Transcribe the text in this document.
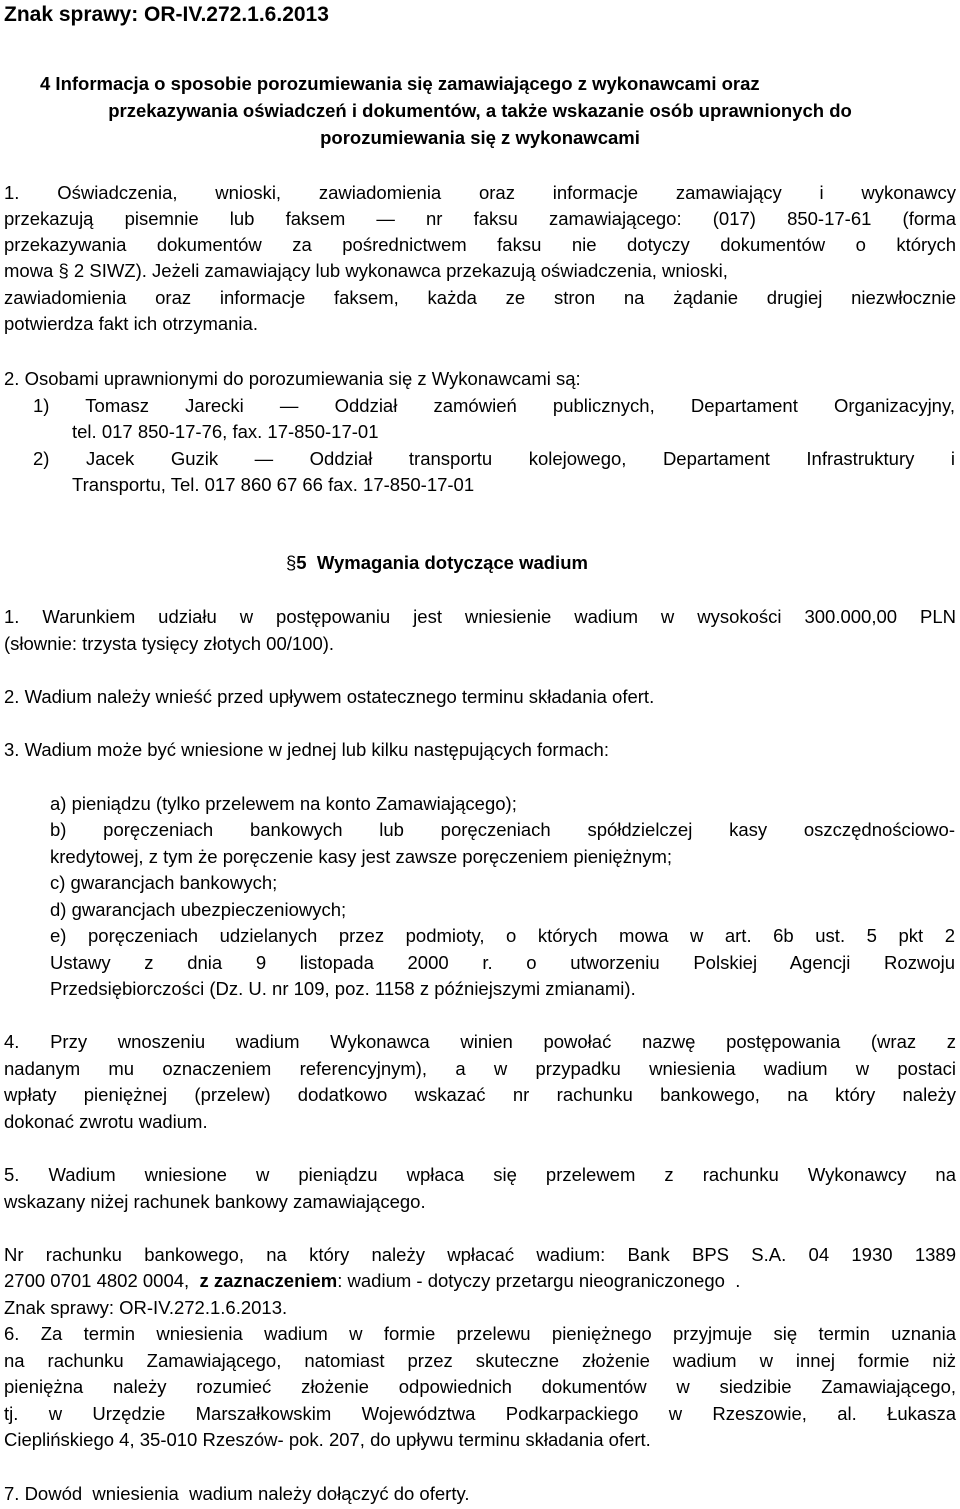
Znak sprawy: OR-IV.272.1.6.2013
4 Informacja o sposobie porozumiewania się zamawiającego z wykonawcami oraz
przekazywania oświadczeń i dokumentów, a także wskazanie osób uprawnionych do
porozumiewania się z wykonawcami
1. Oświadczenia, wnioski, zawiadomienia oraz informacje zamawiający i wykonawcy
przekazują pisemnie lub faksem — nr faksu zamawiającego: (017) 850-17-61 (forma
przekazywania dokumentów za pośrednictwem faksu nie dotyczy dokumentów o których
mowa § 2 SIWZ). Jeżeli zamawiający lub wykonawca przekazują oświadczenia, wnioski,
zawiadomienia oraz informacje faksem, każda ze stron na żądanie drugiej niezwłocznie
potwierdza fakt ich otrzymania.
2. Osobami uprawnionymi do porozumiewania się z Wykonawcami są:
1) Tomasz Jarecki — Oddział zamówień publicznych, Departament Organizacyjny,
tel. 017 850-17-76, fax. 17-850-17-01
2) Jacek Guzik — Oddział transportu kolejowego, Departament Infrastruktury i
Transportu, Tel. 017 860 67 66 fax. 17-850-17-01
§5  Wymagania dotyczące wadium
1. Warunkiem udziału w postępowaniu jest wniesienie wadium w wysokości 300.000,00 PLN
(słownie: trzysta tysięcy złotych 00/100).
2. Wadium należy wnieść przed upływem ostatecznego terminu składania ofert.
3. Wadium może być wniesione w jednej lub kilku następujących formach:
a) pieniądzu (tylko przelewem na konto Zamawiającego);
b) poręczeniach bankowych lub poręczeniach spółdzielczej kasy oszczędnościowo-
kredytowej, z tym że poręczenie kasy jest zawsze poręczeniem pieniężnym;
c) gwarancjach bankowych;
d) gwarancjach ubezpieczeniowych;
e) poręczeniach udzielanych przez podmioty, o których mowa w art. 6b ust. 5 pkt 2
Ustawy z dnia 9 listopada 2000 r. o utworzeniu Polskiej Agencji Rozwoju
Przedsiębiorczości (Dz. U. nr 109, poz. 1158 z późniejszymi zmianami).
4. Przy wnoszeniu wadium Wykonawca winien powołać nazwę postępowania (wraz z
nadanym mu oznaczeniem referencyjnym), a w przypadku wniesienia wadium w postaci
wpłaty pieniężnej (przelew) dodatkowo wskazać nr rachunku bankowego, na który należy
dokonać zwrotu wadium.
5. Wadium wniesione w pieniądzu wpłaca się przelewem z rachunku Wykonawcy na
wskazany niżej rachunek bankowy zamawiającego.
Nr rachunku bankowego, na który należy wpłacać wadium: Bank BPS S.A. 04 1930 1389
2700 0701 4802 0004,  z zaznaczeniem: wadium - dotyczy przetargu nieograniczonego  .
Znak sprawy: OR-IV.272.1.6.2013.
6. Za termin wniesienia wadium w formie przelewu pieniężnego przyjmuje się termin uznania
na rachunku Zamawiającego, natomiast przez skuteczne złożenie wadium w innej formie niż
pieniężna należy rozumieć złożenie odpowiednich dokumentów w siedzibie Zamawiającego,
tj. w Urzędzie Marszałkowskim Województwa Podkarpackiego w Rzeszowie, al. Łukasza
Cieplińskiego 4, 35-010 Rzeszów- pok. 207, do upływu terminu składania ofert.
7. Dowód  wniesienia  wadium należy dołączyć do oferty.
